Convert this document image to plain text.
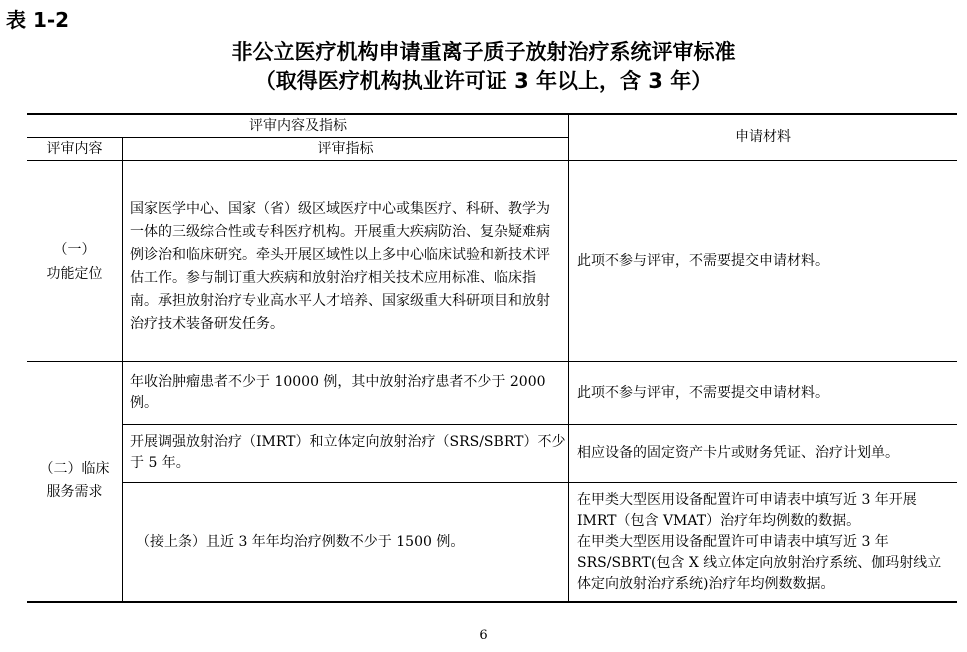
表 1-2
非公立医疗机构申请重离子质子放射治疗系统评审标准
（取得医疗机构执业许可证 3 年以上，含 3 年）
评审内容及指标
评审内容	评审指标
申请材料
（一）
功能定位
国家医学中心、国家（省）级区域医疗中心或集医疗、科研、教学为一体的三级综合性或专科医疗机构。开展重大疾病防治、复杂疑难病例诊治和临床研究。牵头开展区域性以上多中心临床试验和新技术评估工作。参与制订重大疾病和放射治疗相关技术应用标准、临床指南。承担放射治疗专业高水平人才培养、国家级重大科研项目和放射治疗技术装备研发任务。
此项不参与评审，不需要提交申请材料。
（二）临床
服务需求
年收治肿瘤患者不少于 10000 例，其中放射治疗患者不少于 2000 例。
此项不参与评审，不需要提交申请材料。
开展调强放射治疗（IMRT）和立体定向放射治疗（SRS/SBRT）不少于 5 年。
相应设备的固定资产卡片或财务凭证、治疗计划单。
（接上条）且近 3 年年均治疗例数不少于 1500 例。
在甲类大型医用设备配置许可申请表中填写近 3 年开展 IMRT（包含 VMAT）治疗年均例数的数据。
在甲类大型医用设备配置许可申请表中填写近 3 年SRS/SBRT(包含 X 线立体定向放射治疗系统、伽玛射线立体定向放射治疗系统)治疗年均例数数据。
6
